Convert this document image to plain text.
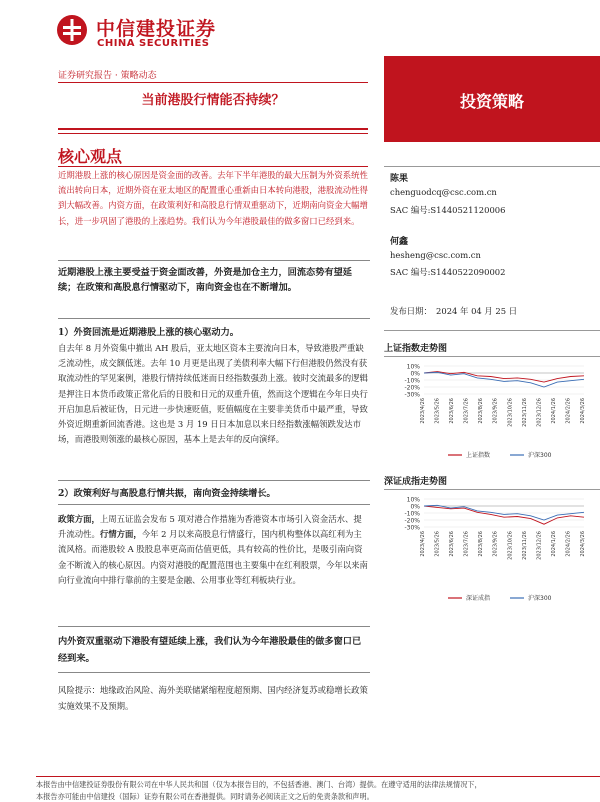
中信建投证券
CHINA SECURITIES
证券研究报告 · 策略动态
当前港股行情能否持续？	投资策略
核心观点

近期港股上涨的核心原因是资金面的改善。去年下半年港股的最大压制为外资系统性流出转向日本，近期外资在亚太地区的配置重心重新由日本转向港股，港股流动性得到大幅改善。内资方面，在政策利好和高股息行情双重驱动下，近期南向资金大幅增长，进一步巩固了港股的上涨趋势。我们认为今年港股最佳的做多窗口已经到来。

近期港股上涨主要受益于资金面改善，外资是加仓主力，回流态势有望延续；在政策和高股息行情驱动下，南向资金也在不断增加。

1）外资回流是近期港股上涨的核心驱动力。

自去年 8 月外资集中撤出 AH 股后，亚太地区资本主要流向日本，导致港股严重缺乏流动性，成交额低迷。去年 10 月更是出现了美债利率大幅下行但港股仍然没有获取流动性的罕见案例，港股行情持续低迷而日经指数强劲上涨。彼时交流最多的逻辑是押注日本货币政策正常化后的日股和日元的双重升值，然而这个逻辑在今年日央行开启加息后被证伪，日元进一步快速贬值，贬值幅度在主要非美货币中最严重，导致外资近期重新回流香港。这也是 3 月 19 日日本加息以来日经指数涨幅领跌发达市场，而港股则领涨的最核心原因，基本上是去年的反向演绎。

2）政策利好与高股息行情共振，南向资金持续增长。

政策方面，上周五证监会发布 5 项对港合作措施为香港资本市场引入资金活水、提升流动性。行情方面，今年 2 月以来高股息行情盛行，国内机构整体以高红利为主流风格。而港股较 A 股股息率更高而估值更低，具有较高的性价比，是吸引南向资金不断流入的核心原因。内资对港股的配置范围也主要集中在红利股票，今年以来南向行业流向中排行靠前的主要是金融、公用事业等红利板块行业。

内外资双重驱动下港股有望延续上涨，我们认为今年港股最佳的做多窗口已经到来。

风险提示：地缘政治风险、海外美联储紧缩程度超预期、国内经济复苏或稳增长政策实施效果不及预期。

陈果
chenguodcq@csc.com.cn
SAC 编号:S1440521120006
何鑫
hesheng@csc.com.cn
SAC 编号:S1440522090002
发布日期：　2024 年 04 月 25 日
上证指数走势图
10%
0%
-10%
-20%
-30%
2023/4/26 2023/5/26 2023/6/26 2023/7/26 2023/8/26 2023/9/26 2023/10/26 2023/11/26 2023/12/26 2024/1/26 2024/2/26 2024/3/26
上证指数	沪深300
深证成指走势图
10%
0%
-10%
-20%
-30%
2023/4/26 2023/5/26 2023/6/26 2023/7/26 2023/8/26 2023/9/26 2023/10/26 2023/11/26 2023/12/26 2024/1/26 2024/2/26 2024/3/26
深证成指	沪深300
本报告由中信建投证券股份有限公司在中华人民共和国（仅为本报告目的，不包括香港、澳门、台湾）提供。在遵守适用的法律法规情况下，
本报告亦可能由中信建投（国际）证券有限公司在香港提供。同时请务必阅读正文之后的免责条款和声明。
